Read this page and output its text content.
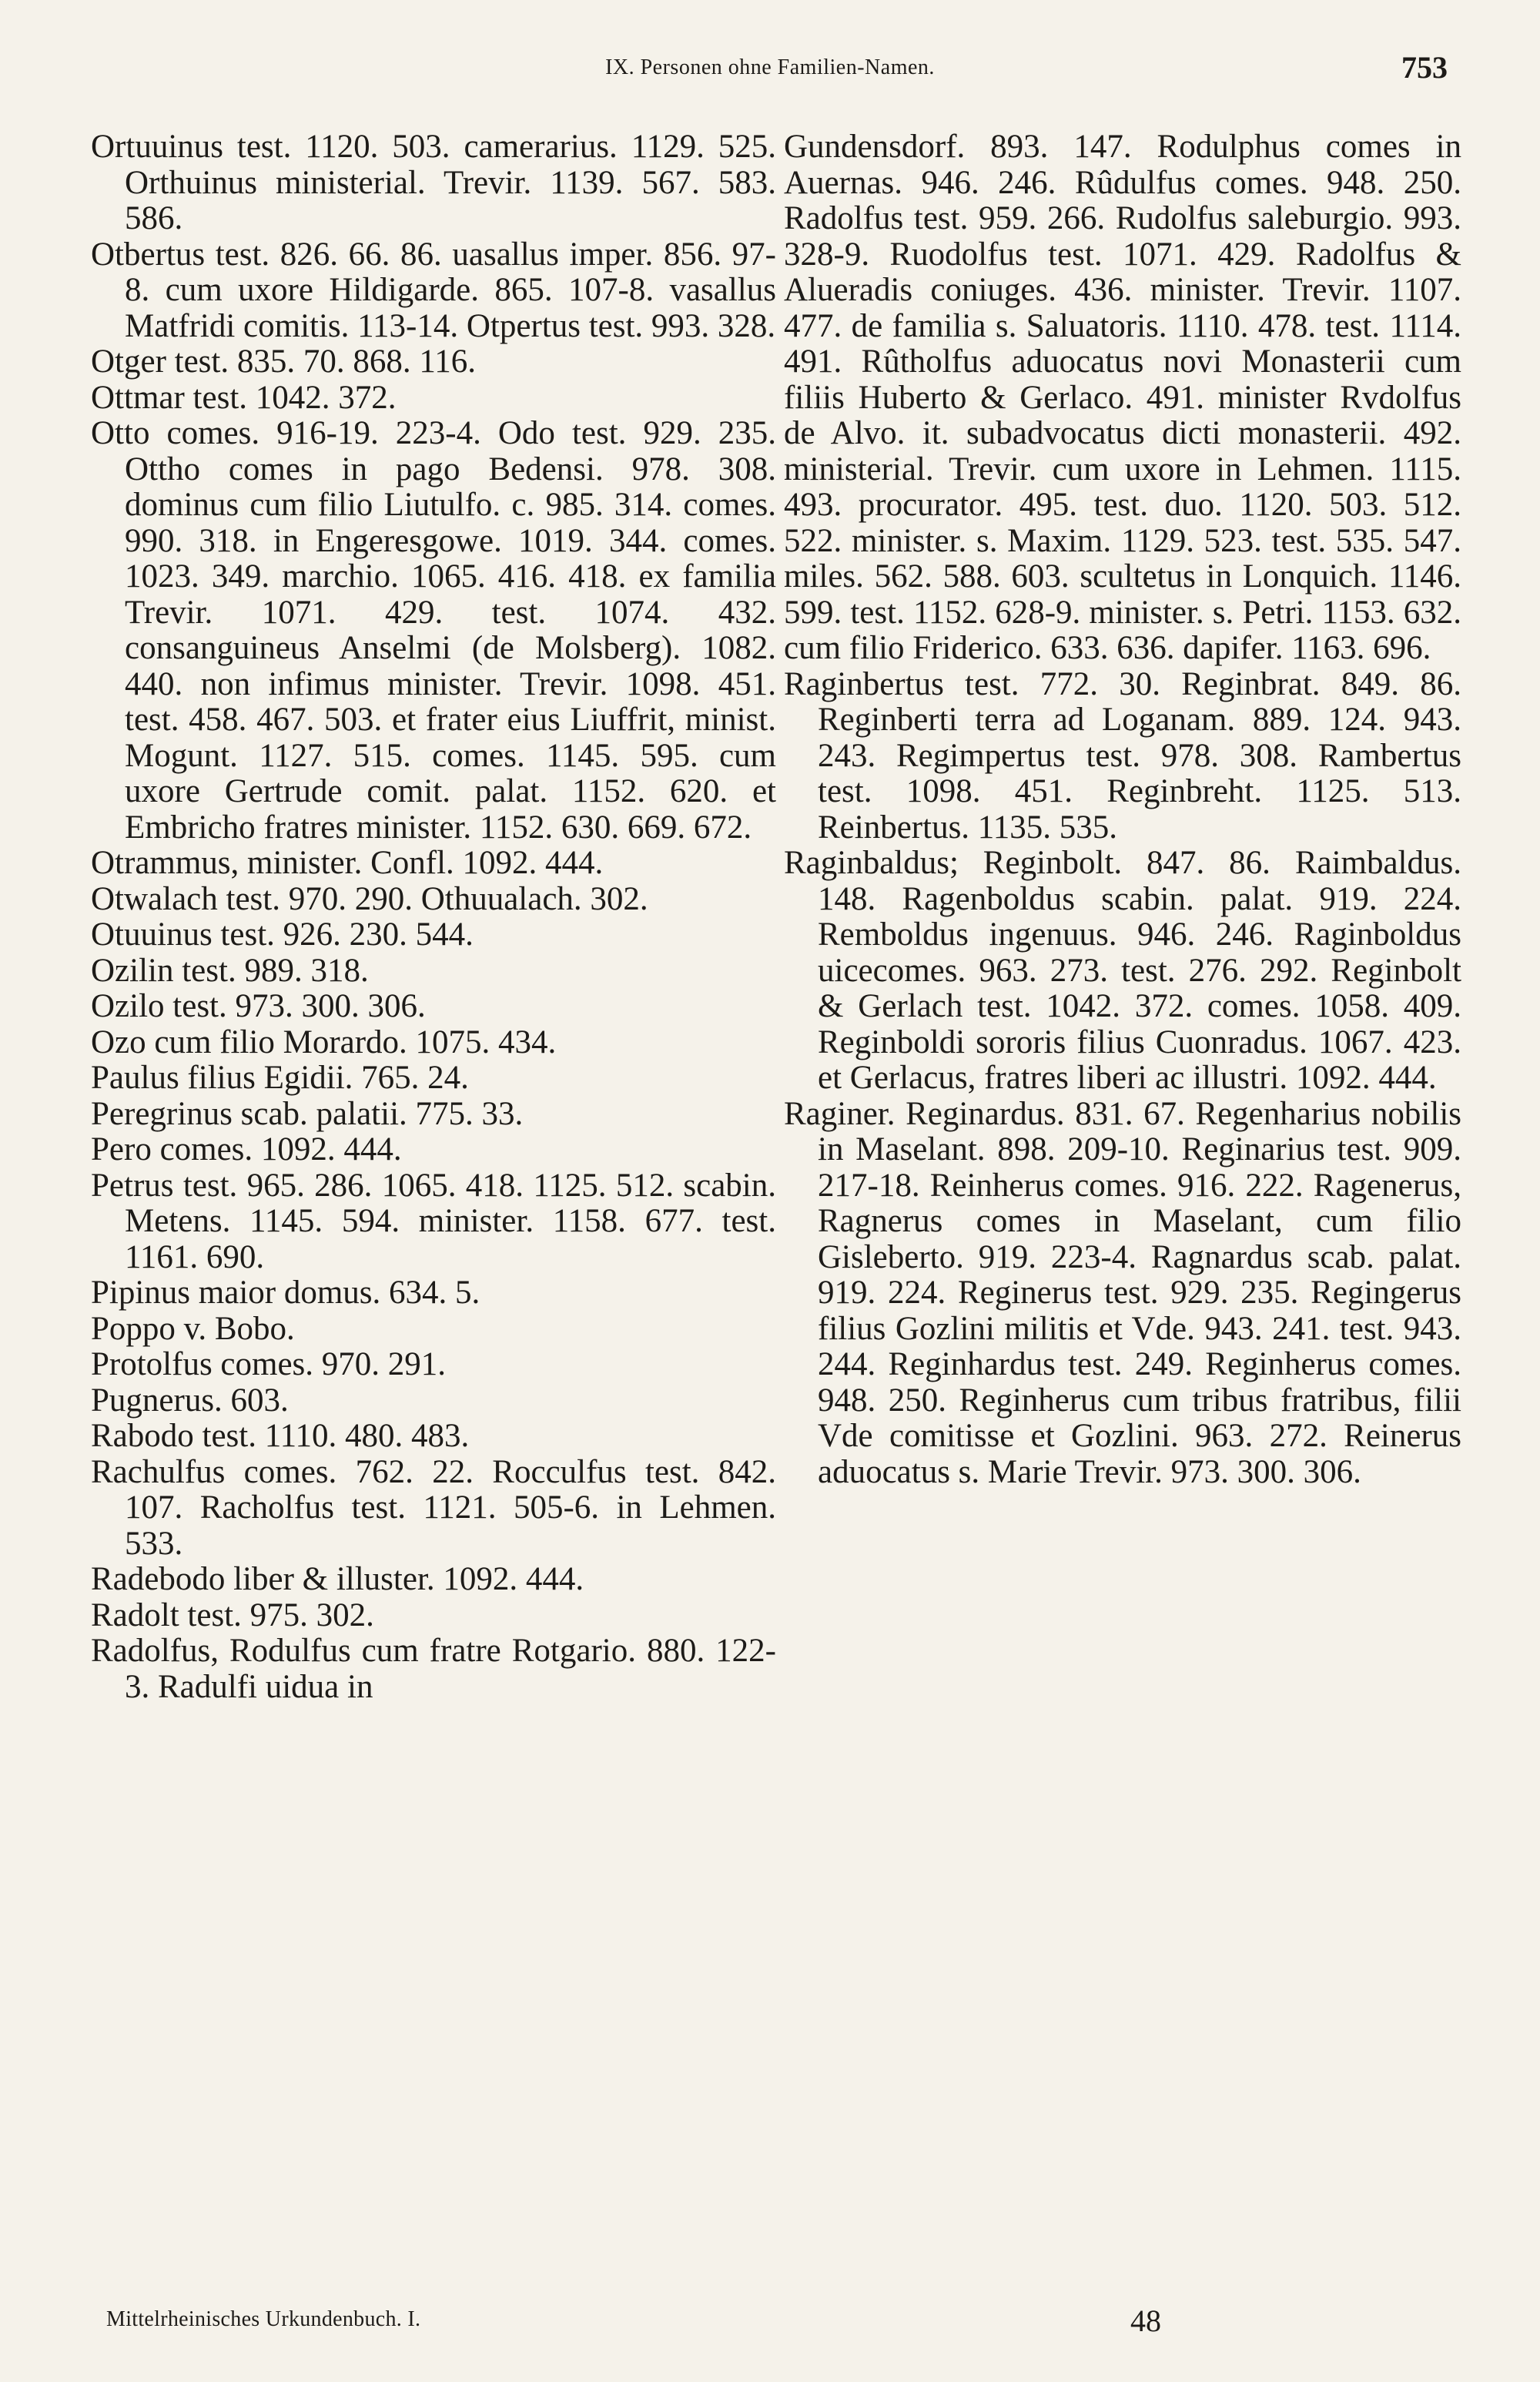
IX. Personen ohne Familien-Namen.	753

Ortuuinus test. 1120. 503. camerarius. 1129. 525. Orthuinus ministerial. Trevir. 1139. 567. 583. 586.

Otbertus test. 826. 66. 86. uasallus imper. 856. 97-8. cum uxore Hildigarde. 865. 107-8. vasallus Matfridi comitis. 113-14. Otpertus test. 993. 328.

Otger test. 835. 70. 868. 116.

Ottmar test. 1042. 372.

Otto comes. 916-19. 223-4. Odo test. 929. 235. Ottho comes in pago Bedensi. 978. 308. dominus cum filio Liutulfo. c. 985. 314. comes. 990. 318. in Engeresgowe. 1019. 344. comes. 1023. 349. marchio. 1065. 416. 418. ex familia Trevir. 1071. 429. test. 1074. 432. consanguineus Anselmi (de Molsberg). 1082. 440. non infimus minister. Trevir. 1098. 451. test. 458. 467. 503. et frater eius Liuffrit, minist. Mogunt. 1127. 515. comes. 1145. 595. cum uxore Gertrude comit. palat. 1152. 620. et Embricho fratres minister. 1152. 630. 669. 672.

Otrammus, minister. Confl. 1092. 444.

Otwalach test. 970. 290. Othuualach. 302.

Otuuinus test. 926. 230. 544.

Ozilin test. 989. 318.

Ozilo test. 973. 300. 306.

Ozo cum filio Morardo. 1075. 434.

Paulus filius Egidii. 765. 24.

Peregrinus scab. palatii. 775. 33.

Pero comes. 1092. 444.

Petrus test. 965. 286. 1065. 418. 1125. 512. scabin. Metens. 1145. 594. minister. 1158. 677. test. 1161. 690.

Pipinus maior domus. 634. 5.

Poppo v. Bobo.

Protolfus comes. 970. 291.

Pugnerus. 603.

Rabodo test. 1110. 480. 483.

Rachulfus comes. 762. 22. Rocculfus test. 842. 107. Racholfus test. 1121. 505-6. in Lehmen. 533.

Radebodo liber & illuster. 1092. 444.

Radolt test. 975. 302.

Radolfus, Rodulfus cum fratre Rotgario. 880. 122-3. Radulfi uidua in

Gundensdorf. 893. 147. Rodulphus comes in Auernas. 946. 246. Rûdulfus comes. 948. 250. Radolfus test. 959. 266. Rudolfus saleburgio. 993. 328-9. Ruodolfus test. 1071. 429. Radolfus & Alueradis coniuges. 436. minister. Trevir. 1107. 477. de familia s. Saluatoris. 1110. 478. test. 1114. 491. Rûtholfus aduocatus novi Monasterii cum filiis Huberto & Gerlaco. 491. minister Rvdolfus de Alvo. it. subadvocatus dicti monasterii. 492. ministerial. Trevir. cum uxore in Lehmen. 1115. 493. procurator. 495. test. duo. 1120. 503. 512. 522. minister. s. Maxim. 1129. 523. test. 535. 547. miles. 562. 588. 603. scultetus in Lonquich. 1146. 599. test. 1152. 628-9. minister. s. Petri. 1153. 632. cum filio Friderico. 633. 636. dapifer. 1163. 696.

Raginbertus test. 772. 30. Reginbrat. 849. 86. Reginberti terra ad Loganam. 889. 124. 943. 243. Regimpertus test. 978. 308. Rambertus test. 1098. 451. Reginbreht. 1125. 513. Reinbertus. 1135. 535.

Raginbaldus; Reginbolt. 847. 86. Raimbaldus. 148. Ragenboldus scabin. palat. 919. 224. Remboldus ingenuus. 946. 246. Raginboldus uicecomes. 963. 273. test. 276. 292. Reginbolt & Gerlach test. 1042. 372. comes. 1058. 409. Reginboldi sororis filius Cuonradus. 1067. 423. et Gerlacus, fratres liberi ac illustri. 1092. 444.

Raginer. Reginardus. 831. 67. Regenharius nobilis in Maselant. 898. 209-10. Reginarius test. 909. 217-18. Reinherus comes. 916. 222. Ragenerus, Ragnerus comes in Maselant, cum filio Gisleberto. 919. 223-4. Ragnardus scab. palat. 919. 224. Reginerus test. 929. 235. Regingerus filius Gozlini militis et Vde. 943. 241. test. 943. 244. Reginhardus test. 249. Reginherus comes. 948. 250. Reginherus cum tribus fratribus, filii Vde comitisse et Gozlini. 963. 272. Reinerus aduocatus s. Marie Trevir. 973. 300. 306.

Mittelrheinisches Urkundenbuch. I.	48
